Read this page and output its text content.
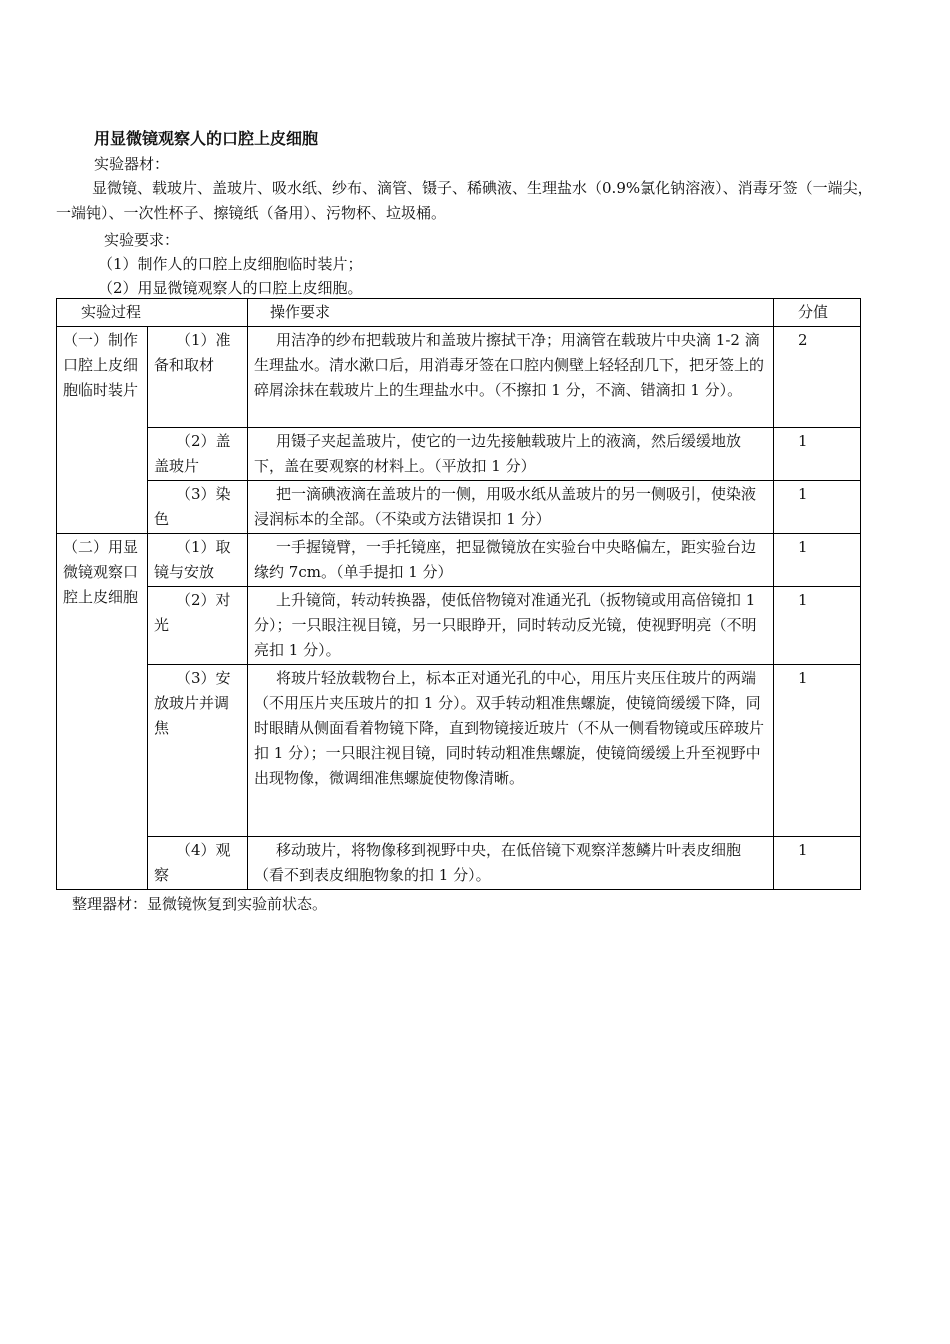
用显微镜观察人的口腔上皮细胞
实验器材：
显微镜、载玻片、盖玻片、吸水纸、纱布、滴管、镊子、稀碘液、生理盐水（0.9%氯化钠溶液）、消毒牙签（一端尖，一端钝）、一次性杯子、擦镜纸（备用）、污物杯、垃圾桶。
实验要求：
（1）制作人的口腔上皮细胞临时装片；
（2）用显微镜观察人的口腔上皮细胞。
实验过程		操作要求	分值
（一）制作口腔上皮细胞临时装片	（1）准备和取材	用洁净的纱布把载玻片和盖玻片擦拭干净；用滴管在载玻片中央滴 1-2 滴生理盐水。清水漱口后，用消毒牙签在口腔内侧壁上轻轻刮几下，把牙签上的碎屑涂抹在载玻片上的生理盐水中。（不擦扣 1 分，不滴、错滴扣 1 分）。	2
	（2）盖盖玻片	用镊子夹起盖玻片，使它的一边先接触载玻片上的液滴，然后缓缓地放下，盖在要观察的材料上。（平放扣 1 分）	1
	（3）染色	把一滴碘液滴在盖玻片的一侧，用吸水纸从盖玻片的另一侧吸引，使染液浸润标本的全部。（不染或方法错误扣 1 分）	1
（二）用显微镜观察口腔上皮细胞	（1）取镜与安放	一手握镜臂，一手托镜座，把显微镜放在实验台中央略偏左，距实验台边缘约 7cm。（单手提扣 1 分）	1
	（2）对光	上升镜筒，转动转换器，使低倍物镜对准通光孔（扳物镜或用高倍镜扣 1 分）；一只眼注视目镜，另一只眼睁开，同时转动反光镜，使视野明亮（不明亮扣 1 分）。	1
	（3）安放玻片并调焦	将玻片轻放载物台上，标本正对通光孔的中心，用压片夹压住玻片的两端（不用压片夹压玻片的扣 1 分）。双手转动粗准焦螺旋，使镜筒缓缓下降，同时眼睛从侧面看着物镜下降，直到物镜接近玻片（不从一侧看物镜或压碎玻片扣 1 分）；一只眼注视目镜，同时转动粗准焦螺旋，使镜筒缓缓上升至视野中出现物像，微调细准焦螺旋使物像清晰。	1
	（4）观察	移动玻片，将物像移到视野中央，在低倍镜下观察洋葱鳞片叶表皮细胞（看不到表皮细胞物象的扣 1 分）。	1
整理器材：显微镜恢复到实验前状态。
